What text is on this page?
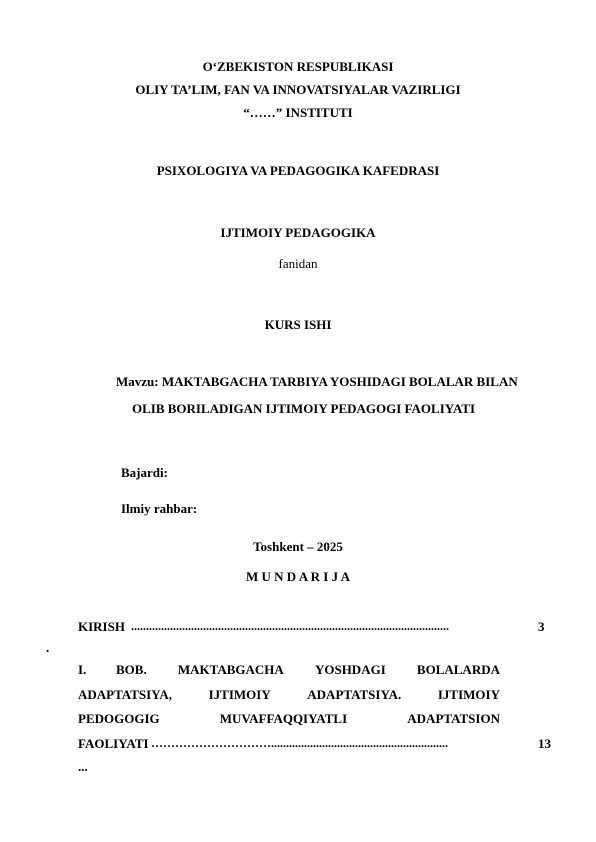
O‘ZBEKISTON RESPUBLIKASI
OLIY TA’LIM, FAN VA INNOVATSIYALAR VAZIRLIGI
“……” INSTITUTI
PSIXOLOGIYA VA PEDAGOGIKA KAFEDRASI
IJTIMOIY PEDAGOGIKA
fanidan
KURS ISHI
Mavzu: MAKTABGACHA TARBIYA YOSHIDAGI BOLALAR BILAN
OLIB BORILADIGAN IJTIMOIY PEDAGOGI FAOLIYATI
Bajardi:
Ilmiy rahbar:
Toshkent – 2025
M U N D A R I J A
KIRISH ..........................................................................................................	3
.
I. BOB. MAKTABGACHA YOSHDAGI BOLALARDA
ADAPTATSIYA,	IJTIMOIY	ADAPTATSIYA.	IJTIMOIY
PEDOGOGIG	MUVAFFAQQIYATLI	ADAPTATSION
FAOLIYATI …………………………...........................................................	13
...
